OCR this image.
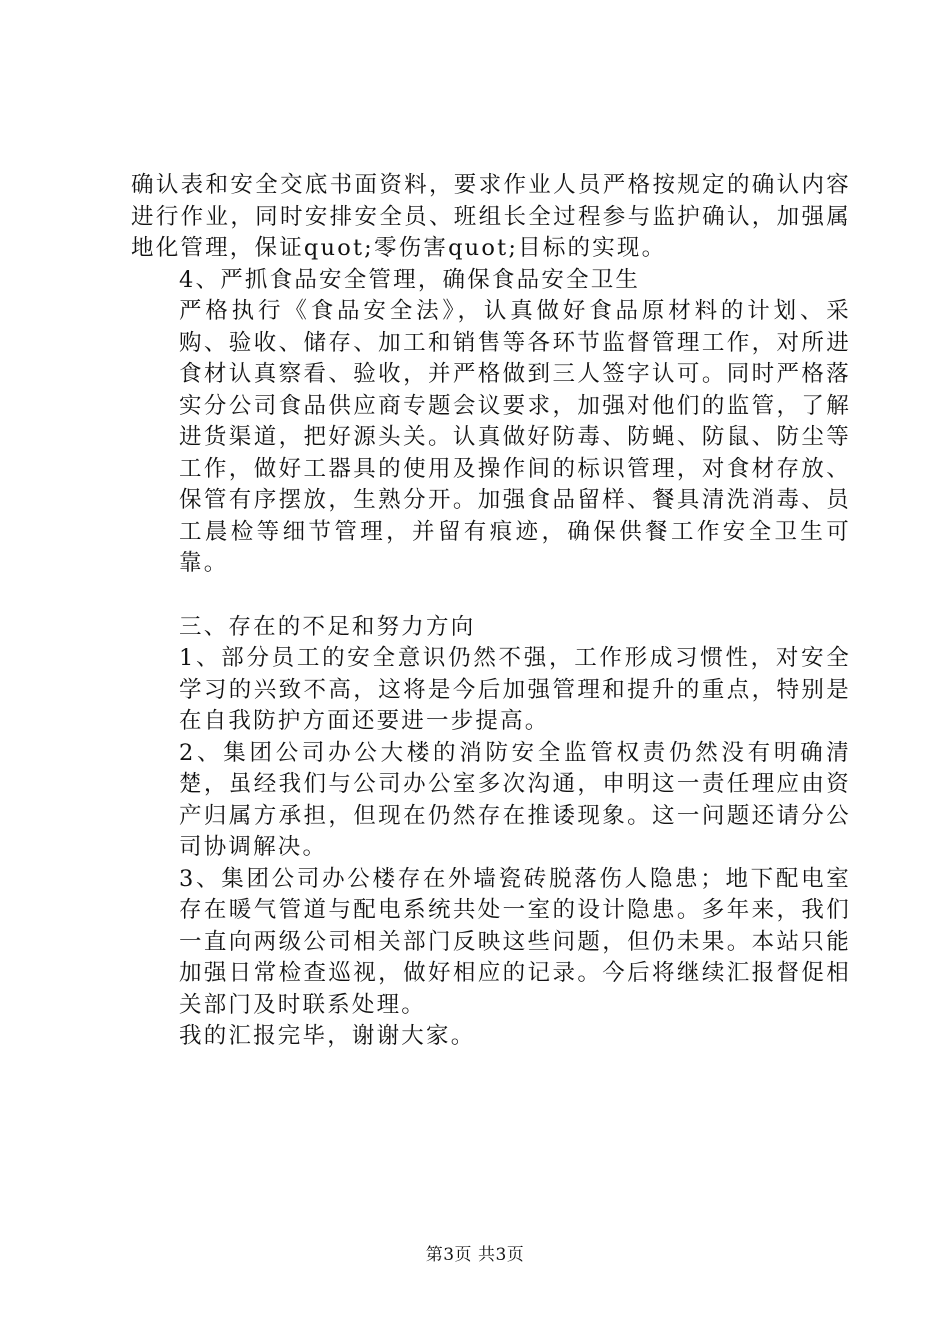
确认表和安全交底书面资料，要求作业人员严格按规定的确认内容进行作业，同时安排安全员、班组长全过程参与监护确认，加强属地化管理，保证quot;零伤害quot;目标的实现。

4、严抓食品安全管理，确保食品安全卫生

严格执行《食品安全法》，认真做好食品原材料的计划、采购、验收、储存、加工和销售等各环节监督管理工作，对所进食材认真察看、验收，并严格做到三人签字认可。同时严格落实分公司食品供应商专题会议要求，加强对他们的监管，了解进货渠道，把好源头关。认真做好防毒、防蝇、防鼠、防尘等工作，做好工器具的使用及操作间的标识管理，对食材存放、保管有序摆放，生熟分开。加强食品留样、餐具清洗消毒、员工晨检等细节管理，并留有痕迹，确保供餐工作安全卫生可靠。

三、存在的不足和努力方向

1、部分员工的安全意识仍然不强，工作形成习惯性，对安全学习的兴致不高，这将是今后加强管理和提升的重点，特别是在自我防护方面还要进一步提高。

2、集团公司办公大楼的消防安全监管权责仍然没有明确清楚，虽经我们与公司办公室多次沟通，申明这一责任理应由资产归属方承担，但现在仍然存在推诿现象。这一问题还请分公司协调解决。

3、集团公司办公楼存在外墙瓷砖脱落伤人隐患；地下配电室存在暖气管道与配电系统共处一室的设计隐患。多年来，我们一直向两级公司相关部门反映这些问题，但仍未果。本站只能加强日常检查巡视，做好相应的记录。今后将继续汇报督促相关部门及时联系处理。

我的汇报完毕，谢谢大家。

第3页 共3页
